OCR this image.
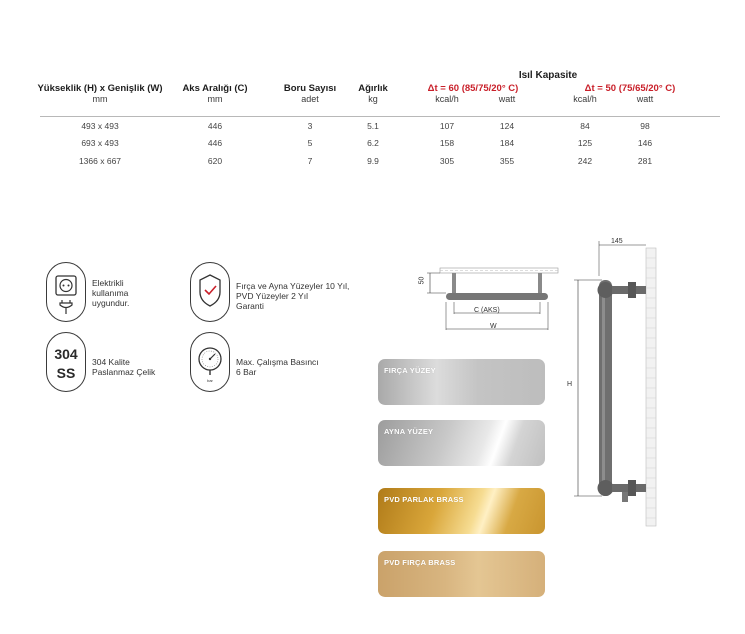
Isıl Kapasite
Yükseklik (H) x Genişlik (W)
mm
Aks Aralığı (C)
mm
Boru Sayısı
adet
Ağırlık
kg
Δt = 60 (85/75/20° C)
kcal/h	watt
Δt = 50 (75/65/20° C)
kcal/h	watt
493 x 493	446	3	5.1	107	124	84	98
693 x 493	446	5	6.2	158	184	125	146
1366 x 667	620	7	9.9	305	355	242	281
Elektrikli
kullanıma
uygundur.
Fırça ve Ayna Yüzeyler 10 Yıl,
PVD Yüzeyler 2 Yıl
Garanti
304
SS
304 Kalite
Paslanmaz Çelik
bar
Max. Çalışma Basıncı
6 Bar
50
C (AKS)
W
145
H
FIRÇA YÜZEY
AYNA YÜZEY
PVD PARLAK BRASS
PVD FIRÇA BRASS
